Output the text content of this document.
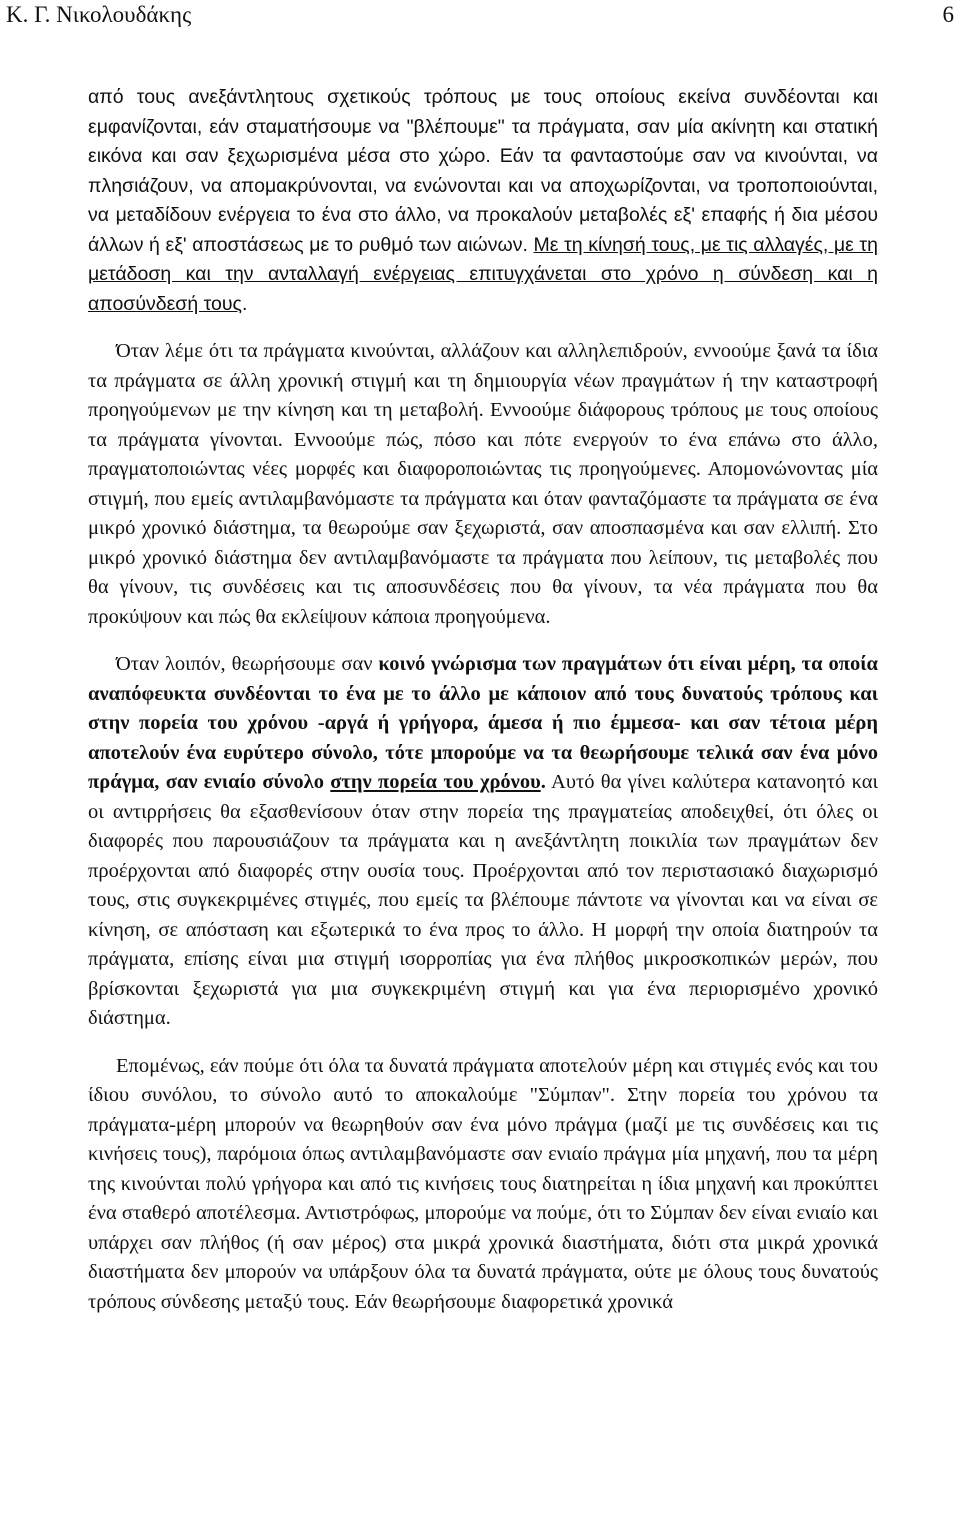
Κ. Γ. Νικολουδάκης	6

από τους ανεξάντλητους σχετικούς τρόπους με τους οποίους εκείνα συνδέονται και εμφανίζονται, εάν σταματήσουμε να "βλέπουμε" τα πράγματα, σαν μία ακίνητη και στατική εικόνα και σαν ξεχωρισμένα μέσα στο χώρο. Εάν τα φανταστούμε σαν να κινούνται, να πλησιάζουν, να απομακρύνονται, να ενώνονται και να αποχωρίζονται, να τροποποιούνται, να μεταδίδουν ενέργεια το ένα στο άλλο, να προκαλούν μεταβολές εξ' επαφής ή δια μέσου άλλων ή εξ' αποστάσεως με το ρυθμό των αιώνων. Με τη κίνησή τους, με τις αλλαγές, με τη μετάδοση και την ανταλλαγή ενέργειας επιτυγχάνεται στο χρόνο η σύνδεση και η αποσύνδεσή τους.

Όταν λέμε ότι τα πράγματα κινούνται, αλλάζουν και αλληλεπιδρούν, εννοούμε ξανά τα ίδια τα πράγματα σε άλλη χρονική στιγμή και τη δημιουργία νέων πραγμάτων ή την καταστροφή προηγούμενων με την κίνηση και τη μεταβολή. Εννοούμε διάφορους τρόπους με τους οποίους τα πράγματα γίνονται. Εννοούμε πώς, πόσο και πότε ενεργούν το ένα επάνω στο άλλο, πραγματοποιώντας νέες μορφές και διαφοροποιώντας τις προηγούμενες. Απομονώνοντας μία στιγμή, που εμείς αντιλαμβανόμαστε τα πράγματα και όταν φανταζόμαστε τα πράγματα σε ένα μικρό χρονικό διάστημα, τα θεωρούμε σαν ξεχωριστά, σαν αποσπασμένα και σαν ελλιπή. Στο μικρό χρονικό διάστημα δεν αντιλαμβανόμαστε τα πράγματα που λείπουν, τις μεταβολές που θα γίνουν, τις συνδέσεις και τις αποσυνδέσεις που θα γίνουν, τα νέα πράγματα που θα προκύψουν και πώς θα εκλείψουν κάποια προηγούμενα.

Όταν λοιπόν, θεωρήσουμε σαν κοινό γνώρισμα των πραγμάτων ότι είναι μέρη, τα οποία αναπόφευκτα συνδέονται το ένα με το άλλο με κάποιον από τους δυνατούς τρόπους και στην πορεία του χρόνου -αργά ή γρήγορα, άμεσα ή πιο έμμεσα- και σαν τέτοια μέρη αποτελούν ένα ευρύτερο σύνολο, τότε μπορούμε να τα θεωρήσουμε τελικά σαν ένα μόνο πράγμα, σαν ενιαίο σύνολο στην πορεία του χρόνου. Αυτό θα γίνει καλύτερα κατανοητό και οι αντιρρήσεις θα εξασθενίσουν όταν στην πορεία της πραγματείας αποδειχθεί, ότι όλες οι διαφορές που παρουσιάζουν τα πράγματα και η ανεξάντλητη ποικιλία των πραγμάτων δεν προέρχονται από διαφορές στην ουσία τους. Προέρχονται από τον περιστασιακό διαχωρισμό τους, στις συγκεκριμένες στιγμές, που εμείς τα βλέπουμε πάντοτε να γίνονται και να είναι σε κίνηση, σε απόσταση και εξωτερικά το ένα προς το άλλο. Η μορφή την οποία διατηρούν τα πράγματα, επίσης είναι μια στιγμή ισορροπίας για ένα πλήθος μικροσκοπικών μερών, που βρίσκονται ξεχωριστά για μια συγκεκριμένη στιγμή και για ένα περιορισμένο χρονικό διάστημα.

Επομένως, εάν πούμε ότι όλα τα δυνατά πράγματα αποτελούν μέρη και στιγμές ενός και του ίδιου συνόλου, το σύνολο αυτό το αποκαλούμε "Σύμπαν". Στην πορεία του χρόνου τα πράγματα-μέρη μπορούν να θεωρηθούν σαν ένα μόνο πράγμα (μαζί με τις συνδέσεις και τις κινήσεις τους), παρόμοια όπως αντιλαμβανόμαστε σαν ενιαίο πράγμα μία μηχανή, που τα μέρη της κινούνται πολύ γρήγορα και από τις κινήσεις τους διατηρείται η ίδια μηχανή και προκύπτει ένα σταθερό αποτέλεσμα. Αντιστρόφως, μπορούμε να πούμε, ότι το Σύμπαν δεν είναι ενιαίο και υπάρχει σαν πλήθος (ή σαν μέρος) στα μικρά χρονικά διαστήματα, διότι στα μικρά χρονικά διαστήματα δεν μπορούν να υπάρξουν όλα τα δυνατά πράγματα, ούτε με όλους τους δυνατούς τρόπους σύνδεσης μεταξύ τους. Εάν θεωρήσουμε διαφορετικά χρονικά
